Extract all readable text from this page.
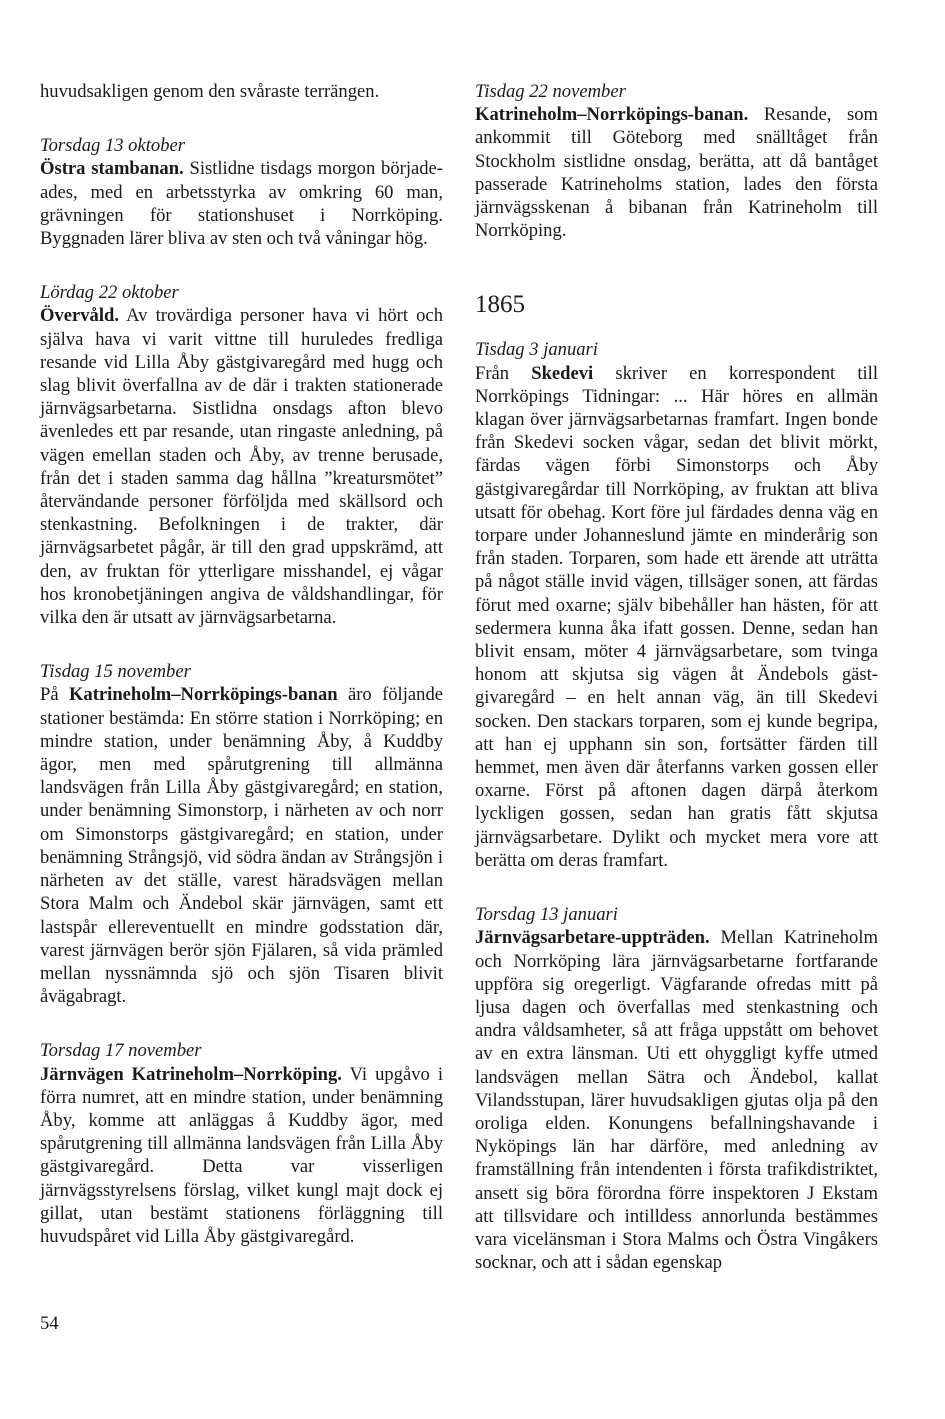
huvudsakligen genom den svåraste terrängen.

Torsdag 13 oktober

Östra stambanan. Sistlidne tisdags morgon börjadeades, med en arbetsstyrka av omkring 60 man, grävningen för stationshuset i Norrköping. Byggnaden lärer bliva av sten och två våningar hög.

Lördag 22 oktober

Övervåld. Av trovärdiga personer hava vi hört och själva hava vi varit vittne till huruledes fredliga resande vid Lilla Åby gästgivaregård med hugg och slag blivit överfallna av de där i trakten stationerade järnvägsarbetarna. Sistlidna onsdags afton blevo ävenledes ett par resande, utan ringaste anledning, på vägen emellan staden och Åby, av trenne berusade, från det i staden samma dag hållna ”kreatursmötet” återvändande personer förföljda med skällsord och stenkastning. Befolkningen i de trakter, där järnvägsarbetet pågår, är till den grad uppskrämd, att den, av fruktan för ytterligare misshandel, ej vågar hos kronobetjäningen angiva de våldshandlingar, för vilka den är utsatt av järnvägsarbetarna.

Tisdag 15 november

På Katrineholm–Norrköpings-banan äro följande stationer bestämda: En större station i Norrköping; en mindre station, under benämning Åby, å Kuddby ägor, men med spårutgrening till allmänna landsvägen från Lilla Åby gästgivaregård; en station, under benämning Simonstorp, i närheten av och norr om Simonstorps gästgivaregård; en station, under benämning Strångsjö, vid södra ändan av Strångsjön i närheten av det ställe, varest häradsvägen mellan Stora Malm och Ändebol skär järnvägen, samt ett lastspår ellereventuellt en mindre godsstation där, varest järnvägen berör sjön Fjälaren, så vida prämled mellan nyssnämnda sjö och sjön Tisaren blivit åvägabragt.

Torsdag 17 november

Järnvägen Katrineholm–Norrköping. Vi upgåvo i förra numret, att en mindre station, under benämning Åby, komme att anläggas å Kuddby ägor, med spårutgrening till allmänna landsvägen från Lilla Åby gästgivaregård. Detta var visserligen järnvägsstyrelsens förslag, vilket kungl majt dock ej gillat, utan bestämt stationens förläggning till huvudspåret vid Lilla Åby gästgivaregård.

Tisdag 22 november

Katrineholm–Norrköpings-banan. Resande, som ankommit till Göteborg med snälltåget från Stockholm sistlidne onsdag, berätta, att då bantåget passerade Katrineholms station, lades den första järnvägsskenan å bibanan från Katrineholm till Norrköping.

1865

Tisdag 3 januari

Från Skedevi skriver en korrespondent till Norrköpings Tidningar: ... Här höres en allmän klagan över järnvägsarbetarnas framfart. Ingen bonde från Skedevi socken vågar, sedan det blivit mörkt, färdas vägen förbi Simonstorps och Åby gästgivaregårdar till Norrköping, av fruktan att bliva utsatt för obehag. Kort före jul färdades denna väg en torpare under Johanneslund jämte en minderårig son från staden. Torparen, som hade ett ärende att uträtta på något ställe invid vägen, tillsäger sonen, att färdas förut med oxarne; själv bibehåller han hästen, för att sedermera kunna åka ifatt gossen. Denne, sedan han blivit ensam, möter 4 järnvägsarbetare, som tvinga honom att skjutsa sig vägen åt Ändebols gästgivaregård – en helt annan väg, än till Skedevi socken. Den stackars torparen, som ej kunde begripa, att han ej upphann sin son, fortsätter färden till hemmet, men även där återfanns varken gossen eller oxarne. Först på aftonen dagen därpå återkom lyckligen gossen, sedan han gratis fått skjutsa järnvägsarbetare. Dylikt och mycket mera vore att berätta om deras framfart.

Torsdag 13 januari

Järnvägsarbetare-uppträden. Mellan Katrineholm och Norrköping lära järnvägsarbetarne fortfarande uppföra sig oregerligt. Vägfarande ofredas mitt på ljusa dagen och överfallas med stenkastning och andra våldsamheter, så att fråga uppstått om behovet av en extra länsman. Uti ett ohyggligt kyffe utmed landsvägen mellan Sätra och Ändebol, kallat Vilandsstupan, lärer huvudsakligen gjutas olja på den oroliga elden. Konungens befallningshavande i Nyköpings län har därföre, med anledning av framställning från intendenten i första trafikdistriktet, ansett sig böra förordna förre inspektoren J Ekstam att tillsvidare och intilldess annorlunda bestämmes vara vicelänsman i Stora Malms och Östra Vingåkers socknar, och att i sådan egenskap

54
